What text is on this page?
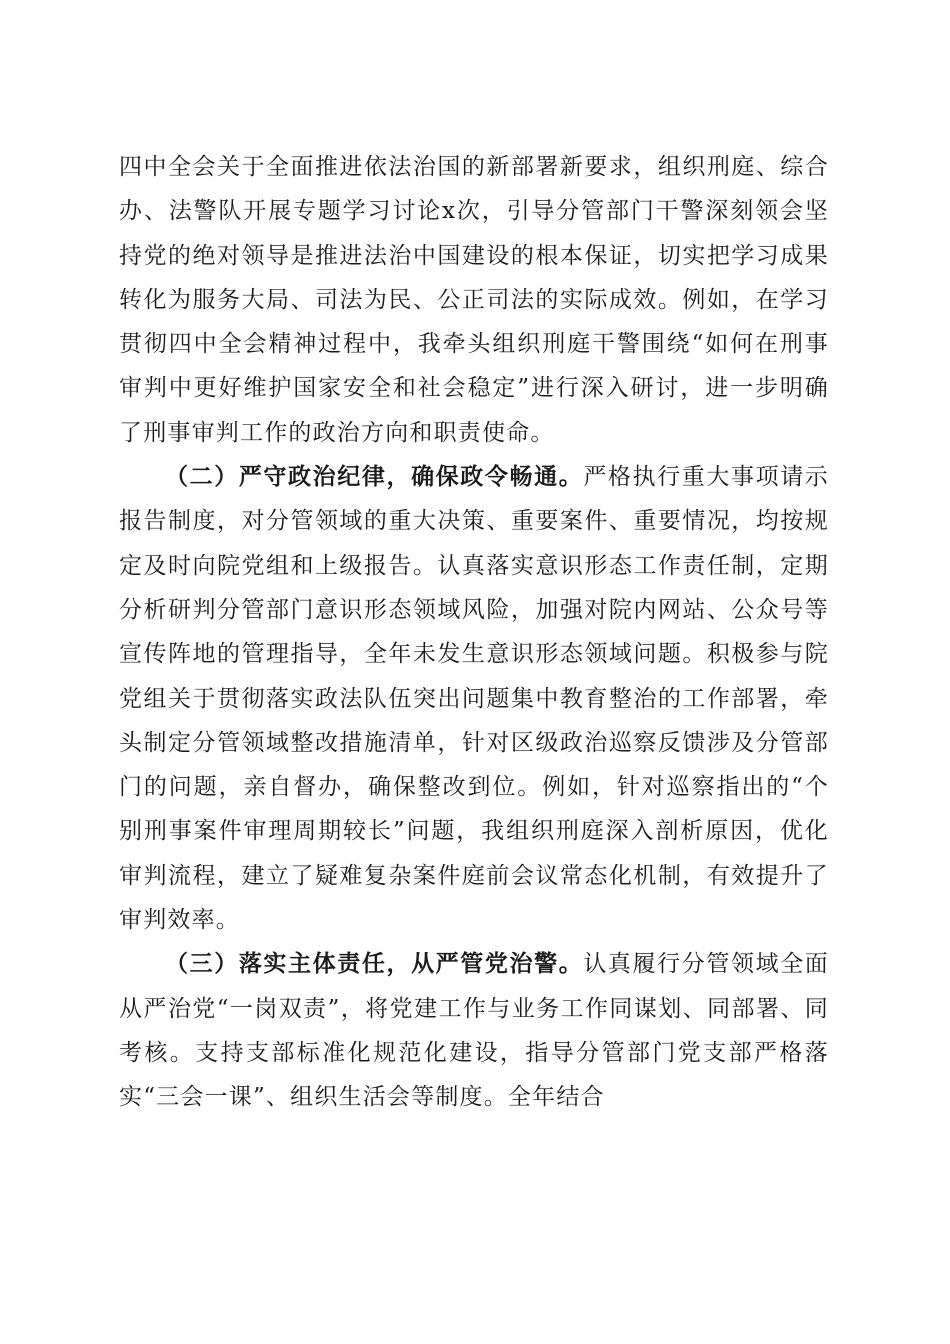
四中全会关于全面推进依法治国的新部署新要求，组织刑庭、综合办、法警队开展专题学习讨论x次，引导分管部门干警深刻领会坚持党的绝对领导是推进法治中国建设的根本保证，切实把学习成果转化为服务大局、司法为民、公正司法的实际成效。例如，在学习贯彻四中全会精神过程中，我牵头组织刑庭干警围绕“如何在刑事审判中更好维护国家安全和社会稳定”进行深入研讨，进一步明确了刑事审判工作的政治方向和职责使命。

（二）严守政治纪律，确保政令畅通。严格执行重大事项请示报告制度，对分管领域的重大决策、重要案件、重要情况，均按规定及时向院党组和上级报告。认真落实意识形态工作责任制，定期分析研判分管部门意识形态领域风险，加强对院内网站、公众号等宣传阵地的管理指导，全年未发生意识形态领域问题。积极参与院党组关于贯彻落实政法队伍突出问题集中教育整治的工作部署，牵头制定分管领域整改措施清单，针对区级政治巡察反馈涉及分管部门的问题，亲自督办，确保整改到位。例如，针对巡察指出的“个别刑事案件审理周期较长”问题，我组织刑庭深入剖析原因，优化审判流程，建立了疑难复杂案件庭前会议常态化机制，有效提升了审判效率。

（三）落实主体责任，从严管党治警。认真履行分管领域全面从严治党“一岗双责”，将党建工作与业务工作同谋划、同部署、同考核。支持支部标准化规范化建设，指导分管部门党支部严格落实“三会一课”、组织生活会等制度。全年结合
